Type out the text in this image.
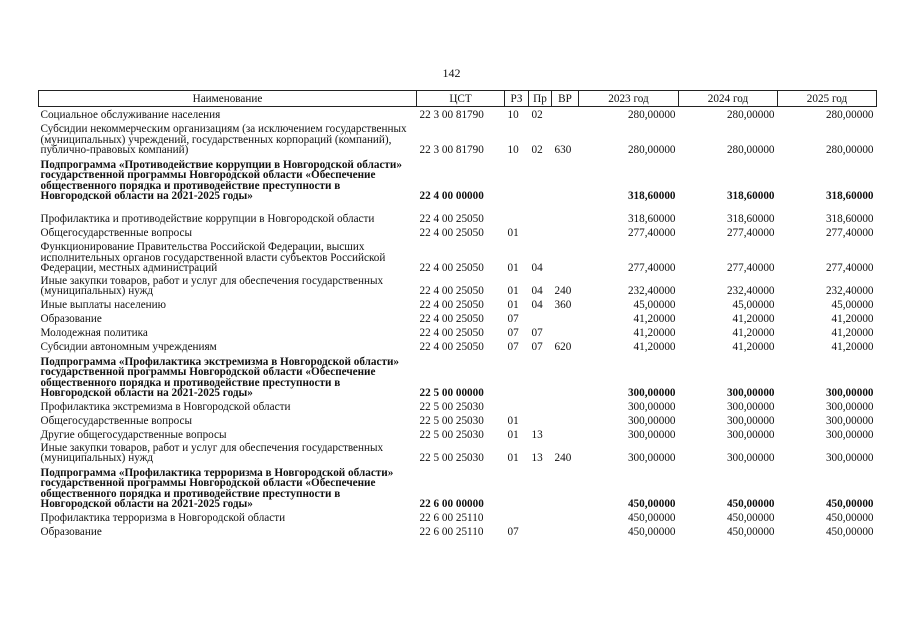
142
Наименование	ЦСТ	РЗ	Пр	ВР	2023 год	2024 год	2025 год
Социальное обслуживание населения	22 3 00 81790	10	02		280,00000	280,00000	280,00000
Субсидии некоммерческим организациям (за исключением государственных (муниципальных) учреждений, государственных корпораций (компаний), публично-правовых компаний)	22 3 00 81790	10	02	630	280,00000	280,00000	280,00000
Подпрограмма «Противодействие коррупции в Новгородской области» государственной программы Новгородской области «Обеспечение общественного порядка и противодействие преступности в Новгородской области на 2021-2025 годы»	22 4 00 00000				318,60000	318,60000	318,60000
Профилактика и противодействие коррупции в Новгородской области	22 4 00 25050				318,60000	318,60000	318,60000
Общегосударственные вопросы	22 4 00 25050	01			277,40000	277,40000	277,40000
Функционирование Правительства Российской Федерации, высших исполнительных органов государственной власти субъектов Российской Федерации, местных администраций	22 4 00 25050	01	04		277,40000	277,40000	277,40000
Иные закупки товаров, работ и услуг для обеспечения государственных (муниципальных) нужд	22 4 00 25050	01	04	240	232,40000	232,40000	232,40000
Иные выплаты населению	22 4 00 25050	01	04	360	45,00000	45,00000	45,00000
Образование	22 4 00 25050	07			41,20000	41,20000	41,20000
Молодежная политика	22 4 00 25050	07	07		41,20000	41,20000	41,20000
Субсидии автономным учреждениям	22 4 00 25050	07	07	620	41,20000	41,20000	41,20000
Подпрограмма «Профилактика экстремизма в Новгородской области» государственной программы Новгородской области «Обеспечение общественного порядка и противодействие преступности в Новгородской области на 2021-2025 годы»	22 5 00 00000				300,00000	300,00000	300,00000
Профилактика экстремизма в Новгородской области	22 5 00 25030				300,00000	300,00000	300,00000
Общегосударственные вопросы	22 5 00 25030	01			300,00000	300,00000	300,00000
Другие общегосударственные вопросы	22 5 00 25030	01	13		300,00000	300,00000	300,00000
Иные закупки товаров, работ и услуг для обеспечения государственных (муниципальных) нужд	22 5 00 25030	01	13	240	300,00000	300,00000	300,00000
Подпрограмма «Профилактика терроризма в Новгородской области» государственной программы Новгородской области «Обеспечение общественного порядка и противодействие преступности в Новгородской области на 2021-2025 годы»	22 6 00 00000				450,00000	450,00000	450,00000
Профилактика терроризма в Новгородской области	22 6 00 25110				450,00000	450,00000	450,00000
Образование	22 6 00 25110	07			450,00000	450,00000	450,00000
